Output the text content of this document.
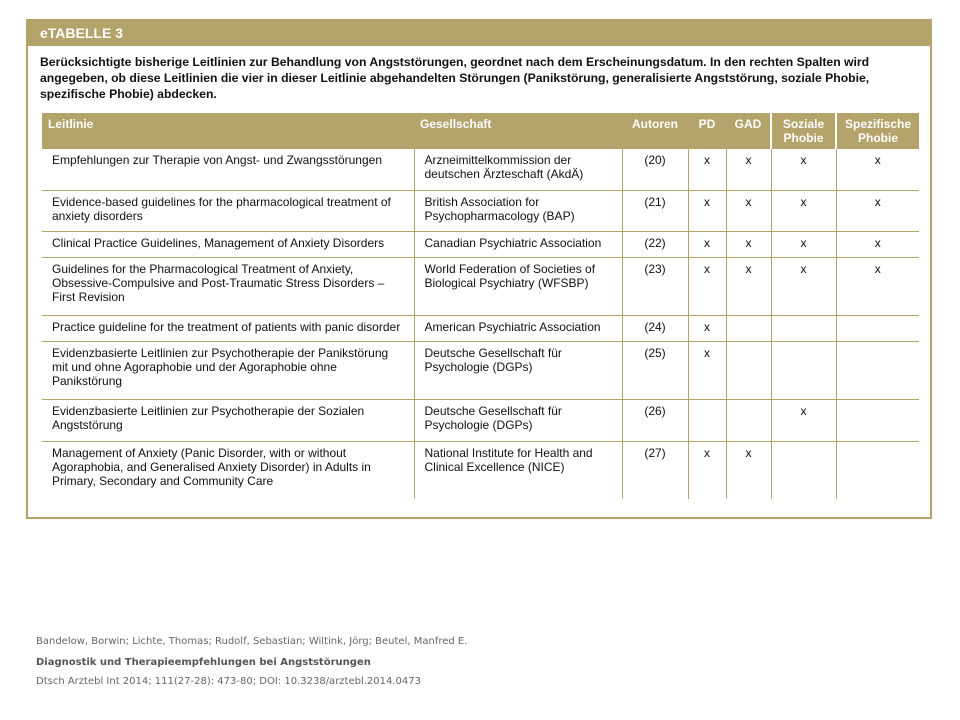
eTABELLE 3
Berücksichtigte bisherige Leitlinien zur Behandlung von Angststörungen, geordnet nach dem Erscheinungsdatum. In den rechten Spalten wird angegeben, ob diese Leitlinien die vier in dieser Leitlinie abgehandelten Störungen (Panikstörung, generalisierte Angststörung, soziale Phobie, spezifische Phobie) abdecken.
Leitlinie	Gesellschaft	Autoren	PD	GAD	Soziale Phobie	Spezifische Phobie
Empfehlungen zur Therapie von Angst- und Zwangsstörungen	Arzneimittelkommission der deutschen Ärzteschaft (AkdÄ)	(20)	x	x	x	x
Evidence-based guidelines for the pharmacological treatment of anxiety disorders	British Association for Psychopharmacology (BAP)	(21)	x	x	x	x
Clinical Practice Guidelines, Management of Anxiety Disorders	Canadian Psychiatric Association	(22)	x	x	x	x
Guidelines for the Pharmacological Treatment of Anxiety, Obsessive-Compulsive and Post-Traumatic Stress Disorders – First Revision	World Federation of Societies of Biological Psychiatry (WFSBP)	(23)	x	x	x	x
Practice guideline for the treatment of patients with panic disorder	American Psychiatric Association	(24)	x			
Evidenzbasierte Leitlinien zur Psychotherapie der Panikstörung mit und ohne Agoraphobie und der Agoraphobie ohne Panikstörung	Deutsche Gesellschaft für Psychologie (DGPs)	(25)	x			
Evidenzbasierte Leitlinien zur Psychotherapie der Sozialen Angststörung	Deutsche Gesellschaft für Psychologie (DGPs)	(26)			x	
Management of Anxiety (Panic Disorder, with or without Agoraphobia, and Generalised Anxiety Disorder) in Adults in Primary, Secondary and Community Care	National Institute for Health and Clinical Excellence (NICE)	(27)	x	x		
Bandelow, Borwin; Lichte, Thomas; Rudolf, Sebastian; Wiltink, Jörg; Beutel, Manfred E.
Diagnostik und Therapieempfehlungen bei Angststörungen
Dtsch Arztebl Int 2014; 111(27-28): 473-80; DOI: 10.3238/arztebl.2014.0473
